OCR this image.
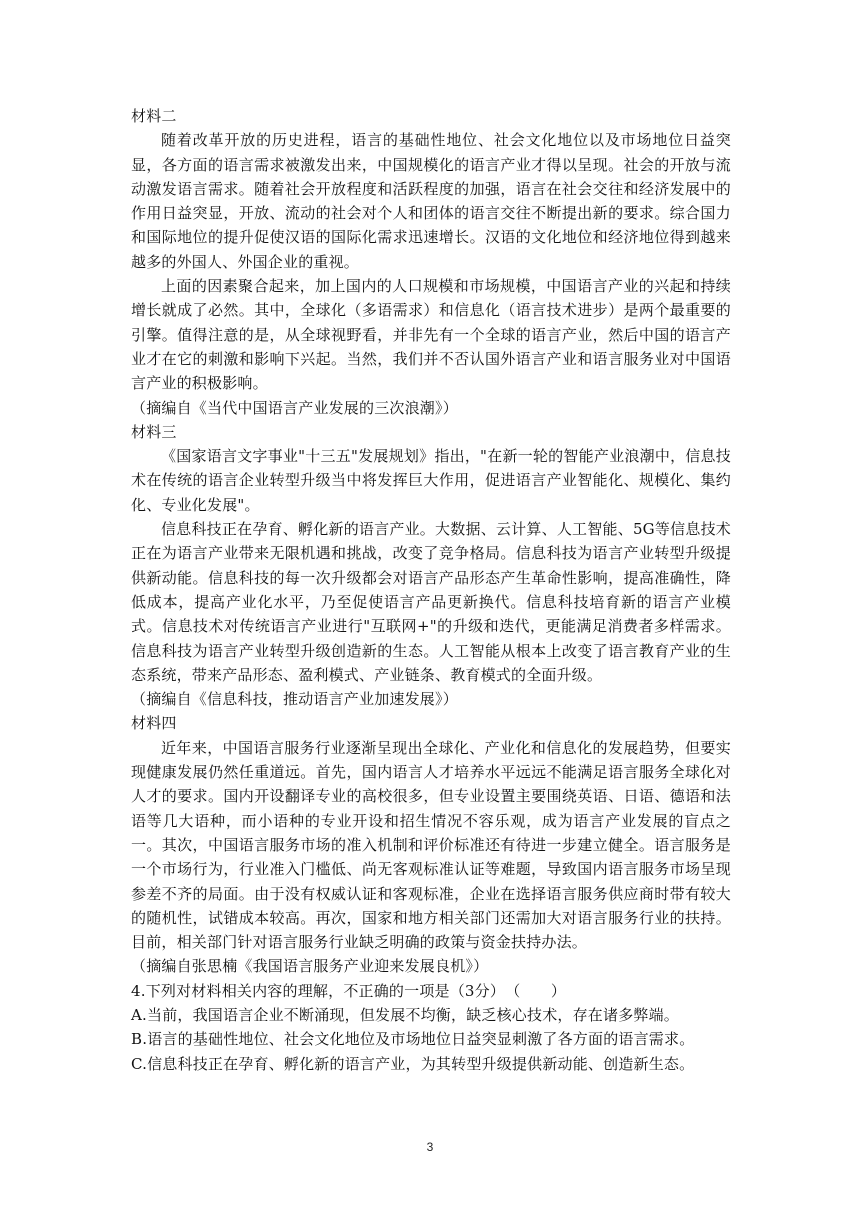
材料二

随着改革开放的历史进程，语言的基础性地位、社会文化地位以及市场地位日益突显，各方面的语言需求被激发出来，中国规模化的语言产业才得以呈现。社会的开放与流动激发语言需求。随着社会开放程度和活跃程度的加强，语言在社会交往和经济发展中的作用日益突显，开放、流动的社会对个人和团体的语言交往不断提出新的要求。综合国力和国际地位的提升促使汉语的国际化需求迅速增长。汉语的文化地位和经济地位得到越来越多的外国人、外国企业的重视。

上面的因素聚合起来，加上国内的人口规模和市场规模，中国语言产业的兴起和持续增长就成了必然。其中，全球化（多语需求）和信息化（语言技术进步）是两个最重要的引擎。值得注意的是，从全球视野看，并非先有一个全球的语言产业，然后中国的语言产业才在它的刺激和影响下兴起。当然，我们并不否认国外语言产业和语言服务业对中国语言产业的积极影响。

（摘编自《当代中国语言产业发展的三次浪潮》）

材料三

《国家语言文字事业"十三五"发展规划》指出，"在新一轮的智能产业浪潮中，信息技术在传统的语言企业转型升级当中将发挥巨大作用，促进语言产业智能化、规模化、集约化、专业化发展"。

信息科技正在孕育、孵化新的语言产业。大数据、云计算、人工智能、5G等信息技术正在为语言产业带来无限机遇和挑战，改变了竞争格局。信息科技为语言产业转型升级提供新动能。信息科技的每一次升级都会对语言产品形态产生革命性影响，提高准确性，降低成本，提高产业化水平，乃至促使语言产品更新换代。信息科技培育新的语言产业模式。信息技术对传统语言产业进行"互联网+"的升级和迭代，更能满足消费者多样需求。信息科技为语言产业转型升级创造新的生态。人工智能从根本上改变了语言教育产业的生态系统，带来产品形态、盈利模式、产业链条、教育模式的全面升级。

（摘编自《信息科技，推动语言产业加速发展》）

材料四

近年来，中国语言服务行业逐渐呈现出全球化、产业化和信息化的发展趋势，但要实现健康发展仍然任重道远。首先，国内语言人才培养水平远远不能满足语言服务全球化对人才的要求。国内开设翻译专业的高校很多，但专业设置主要围绕英语、日语、德语和法语等几大语种，而小语种的专业开设和招生情况不容乐观，成为语言产业发展的盲点之一。其次，中国语言服务市场的准入机制和评价标准还有待进一步建立健全。语言服务是一个市场行为，行业准入门槛低、尚无客观标准认证等难题，导致国内语言服务市场呈现参差不齐的局面。由于没有权威认证和客观标准，企业在选择语言服务供应商时带有较大的随机性，试错成本较高。再次，国家和地方相关部门还需加大对语言服务行业的扶持。目前，相关部门针对语言服务行业缺乏明确的政策与资金扶持办法。

（摘编自张思楠《我国语言服务产业迎来发展良机》）

4.下列对材料相关内容的理解，不正确的一项是（3分）　（　　）

A.当前，我国语言企业不断涌现，但发展不均衡，缺乏核心技术，存在诸多弊端。

B.语言的基础性地位、社会文化地位及市场地位日益突显刺激了各方面的语言需求。

C.信息科技正在孕育、孵化新的语言产业，为其转型升级提供新动能、创造新生态。

3
